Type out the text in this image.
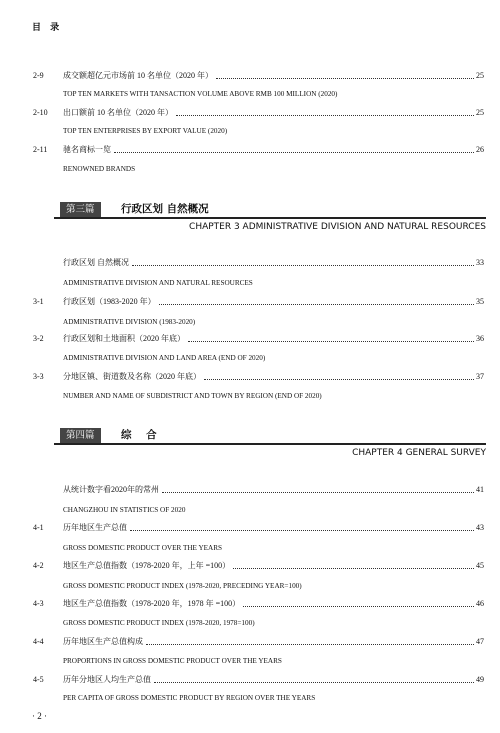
目 录
2-9 成交额超亿元市场前 10 名单位（2020 年）	25
TOP TEN MARKETS WITH TANSACTION VOLUME ABOVE RMB 100 MILLION (2020)
2-10 出口额前 10 名单位（2020 年）	25
TOP TEN ENTERPRISES BY EXPORT VALUE (2020)
2-11 驰名商标一览	26
RENOWNED BRANDS
第三篇	行政区划 自然概况
CHAPTER 3 ADMINISTRATIVE DIVISION AND NATURAL RESOURCES
行政区划 自然概况	33
ADMINISTRATIVE DIVISION AND NATURAL RESOURCES
3-1 行政区划（1983-2020 年）	35
ADMINISTRATIVE DIVISION (1983-2020)
3-2 行政区划和土地面积（2020 年底）	36
ADMINISTRATIVE DIVISION AND LAND AREA (END OF 2020)
3-3 分地区镇、街道数及名称（2020 年底）	37
NUMBER AND NAME OF SUBDISTRICT AND TOWN BY REGION (END OF 2020)
第四篇	综    合
CHAPTER 4 GENERAL SURVEY
从统计数字看2020年的常州	41
CHANGZHOU IN STATISTICS OF 2020
4-1 历年地区生产总值	43
GROSS DOMESTIC PRODUCT OVER THE YEARS
4-2 地区生产总值指数（1978-2020 年，上年 =100）	45
GROSS DOMESTIC PRODUCT INDEX (1978-2020, PRECEDING YEAR=100)
4-3 地区生产总值指数（1978-2020 年，1978 年 =100）	46
GROSS DOMESTIC PRODUCT INDEX (1978-2020, 1978=100)
4-4 历年地区生产总值构成	47
PROPORTIONS IN GROSS DOMESTIC PRODUCT OVER THE YEARS
4-5 历年分地区人均生产总值	49
PER CAPITA OF GROSS DOMESTIC PRODUCT BY REGION OVER THE YEARS
· 2 ·
